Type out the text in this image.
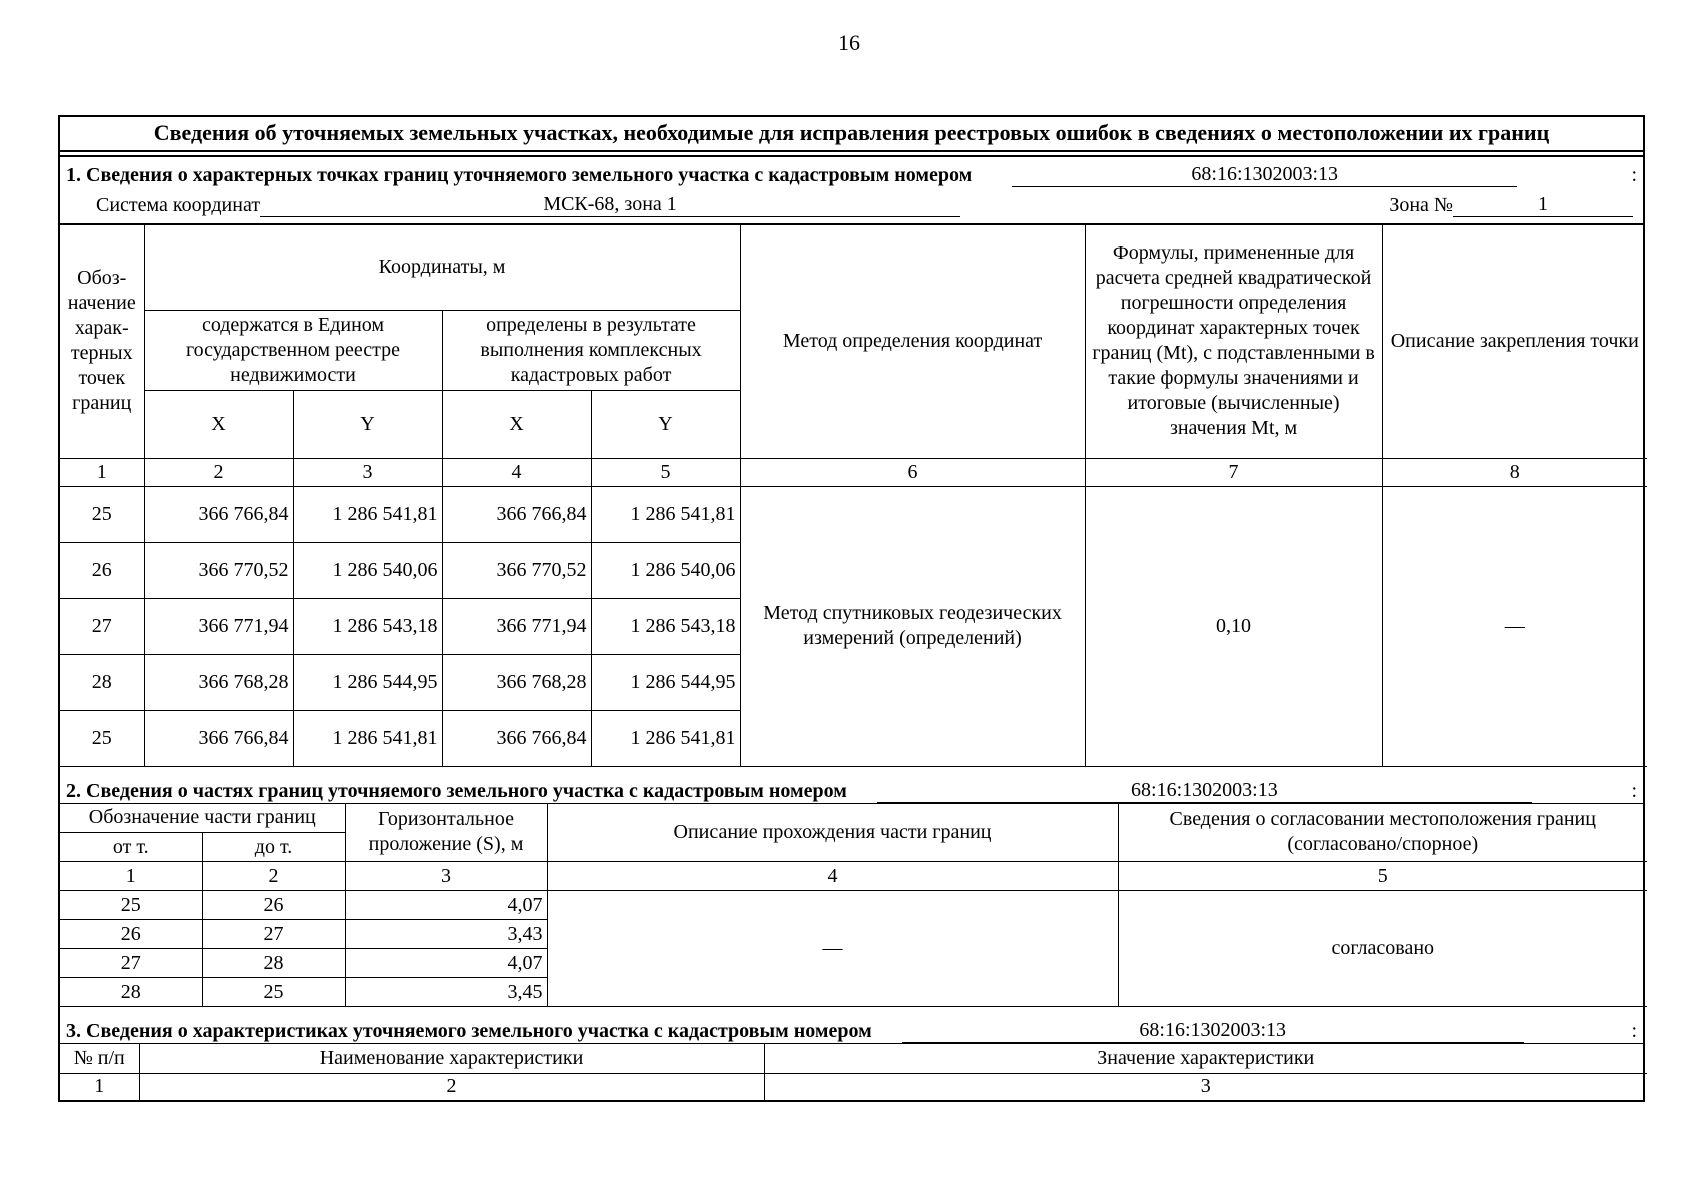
16
Сведения об уточняемых земельных участках, необходимые для исправления реестровых ошибок в сведениях о местоположении их границ
1. Сведения о характерных точках границ уточняемого земельного участка с кадастровым номером	68:16:1302003:13	:
Система координат	МСК-68, зона 1	Зона №	1
Обоз-начение харак-терных точек границ	Координаты, м				Метод определения координат	Формулы, примененные для расчета средней квадратической погрешности определения координат характерных точек границ (Mt), с подставленными в такие формулы значениями и итоговые (вычисленные) значения Mt, м	Описание закрепления точки
	содержатся в Едином государственном реестре недвижимости		определены в результате выполнения комплексных кадастровых работ				
	X	Y	X	Y			
1	2	3	4	5	6	7	8
25	366 766,84	1 286 541,81	366 766,84	1 286 541,81	Метод спутниковых геодезических измерений (определений)	0,10	—
26	366 770,52	1 286 540,06	366 770,52	1 286 540,06			
27	366 771,94	1 286 543,18	366 771,94	1 286 543,18			
28	366 768,28	1 286 544,95	366 768,28	1 286 544,95			
25	366 766,84	1 286 541,81	366 766,84	1 286 541,81			
2. Сведения о частях границ уточняемого земельного участка с кадастровым номером	68:16:1302003:13	:
Обозначение части границ		Горизонтальное проложение (S), м	Описание прохождения части границ	Сведения о согласовании местоположения границ (согласовано/спорное)
от т.	до т.			
1	2	3	4	5
25	26	4,07	—	согласовано
26	27	3,43		
27	28	4,07		
28	25	3,45		
3. Сведения о характеристиках уточняемого земельного участка с кадастровым номером	68:16:1302003:13	:
№ п/п	Наименование характеристики	Значение характеристики
1	2	3
